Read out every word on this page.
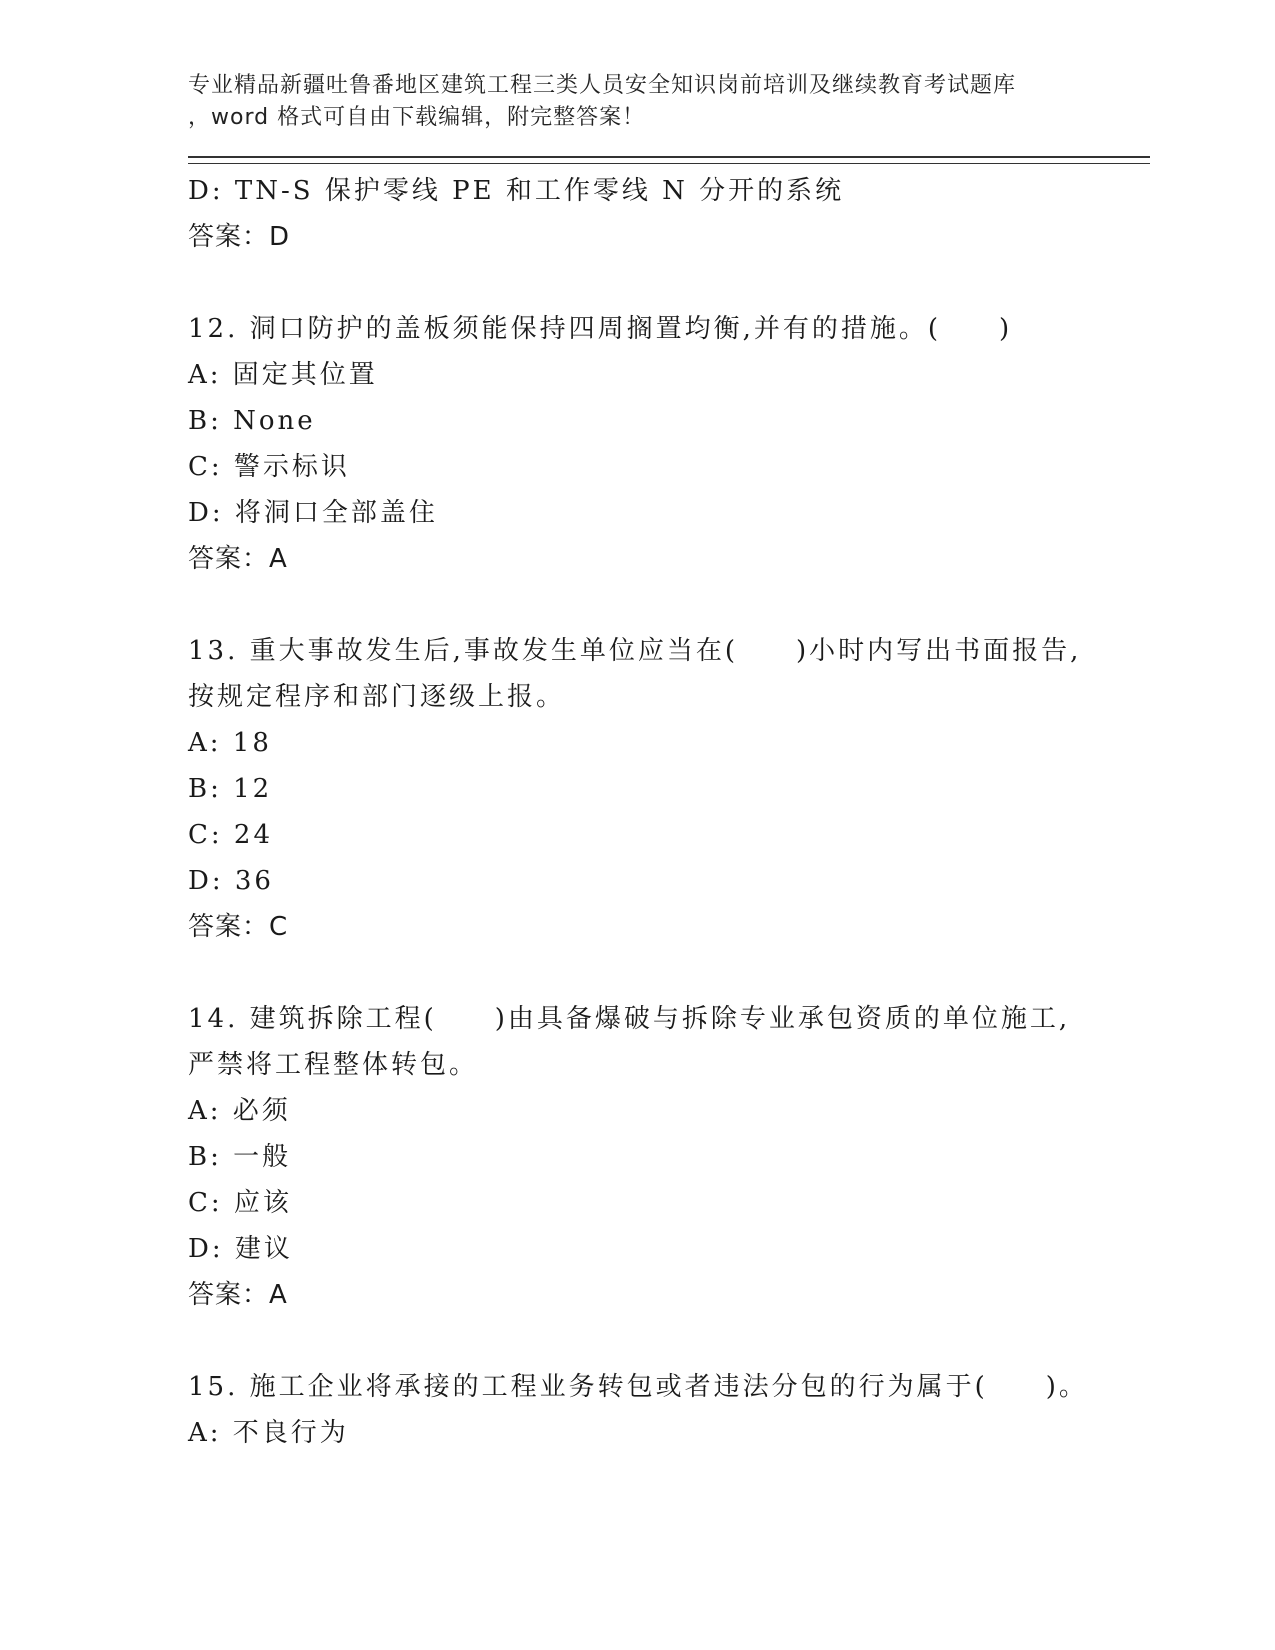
专业精品新疆吐鲁番地区建筑工程三类人员安全知识岗前培训及继续教育考试题库
，word 格式可自由下载编辑，附完整答案！
D: TN-S 保护零线 PE 和工作零线 N 分开的系统
答案：D
12. 洞口防护的盖板须能保持四周搁置均衡,并有的措施。(　　)
A: 固定其位置
B: None
C: 警示标识
D: 将洞口全部盖住
答案：A
13. 重大事故发生后,事故发生单位应当在(　　)小时内写出书面报告,
按规定程序和部门逐级上报。
A: 18
B: 12
C: 24
D: 36
答案：C
14. 建筑拆除工程(　　)由具备爆破与拆除专业承包资质的单位施工,
严禁将工程整体转包。
A: 必须
B: 一般
C: 应该
D: 建议
答案：A
15. 施工企业将承接的工程业务转包或者违法分包的行为属于(　　)。
A: 不良行为
